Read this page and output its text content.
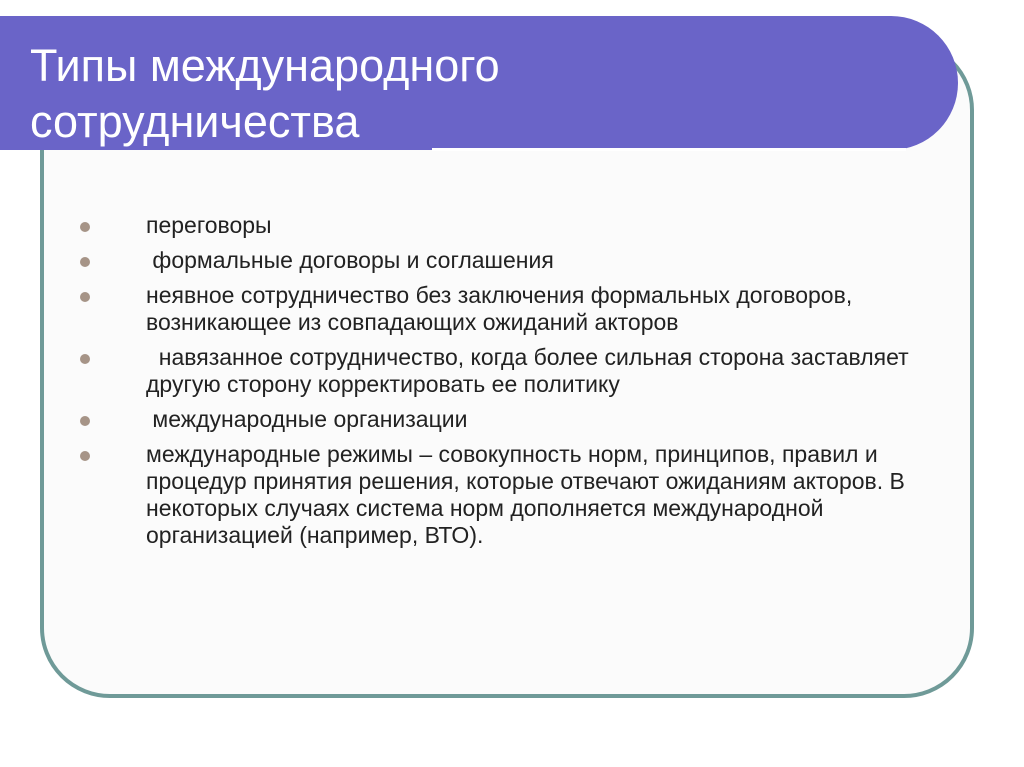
Типы международного
сотрудничества
переговоры
формальные договоры и соглашения
неявное сотрудничество без заключения формальных договоров, возникающее из совпадающих ожиданий акторов
навязанное сотрудничество, когда более сильная сторона заставляет другую сторону корректировать ее политику
международные организации
международные режимы – совокупность норм, принципов, правил и процедур принятия решения, которые отвечают ожиданиям акторов. В некоторых случаях система норм дополняется международной организацией (например, ВТО).
